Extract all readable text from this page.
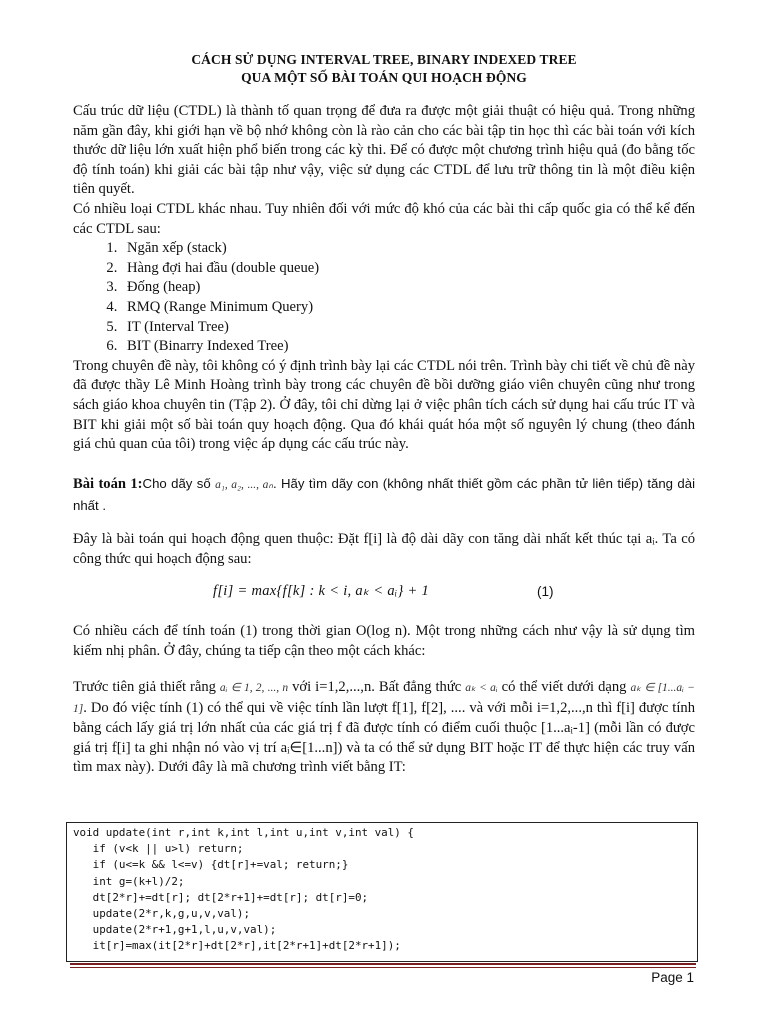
CÁCH SỬ DỤNG INTERVAL TREE, BINARY INDEXED TREE
QUA MỘT SỐ BÀI TOÁN QUI HOẠCH ĐỘNG

Cấu trúc dữ liệu (CTDL) là thành tố quan trọng để đưa ra được một giải thuật có hiệu quả. Trong những năm gần đây, khi giới hạn về bộ nhớ không còn là rào cản cho các bài tập tin học thì các bài toán với kích thước dữ liệu lớn xuất hiện phổ biến trong các kỳ thi. Để có được một chương trình hiệu quả (đo bằng tốc độ tính toán) khi giải các bài tập như vậy, việc sử dụng các CTDL để lưu trữ thông tin là một điều kiện tiên quyết.

Có nhiều loại CTDL khác nhau. Tuy nhiên đối với mức độ khó của các bài thi cấp quốc gia có thể kể đến các CTDL sau:

1. Ngăn xếp (stack)
2. Hàng đợi hai đầu (double queue)
3. Đống (heap)
4. RMQ (Range Minimum Query)
5. IT (Interval Tree)
6. BIT (Binarry Indexed Tree)

Trong chuyên đề này, tôi không có ý định trình bày lại các CTDL nói trên. Trình bày chi tiết về chủ đề này đã được thầy Lê Minh Hoàng trình bày trong các chuyên đề bồi dưỡng giáo viên chuyên cũng như trong sách giáo khoa chuyên tin (Tập 2). Ở đây, tôi chỉ dừng lại ở việc phân tích cách sử dụng hai cấu trúc IT và BIT khi giải một số bài toán quy hoạch động. Qua đó khái quát hóa một số nguyên lý chung (theo đánh giá chủ quan của tôi) trong việc áp dụng các cấu trúc này.

Bài toán 1:Cho dãy số a₁, a₂, ..., aₙ. Hãy tìm dãy con (không nhất thiết gồm các phần tử liên tiếp) tăng dài nhất .

Đây là bài toán qui hoạch động quen thuộc: Đặt f[i] là độ dài dãy con tăng dài nhất kết thúc tại aᵢ. Ta có công thức qui hoạch động sau:

f[i] = max{f[k] : k < i, aₖ < aᵢ} + 1	(1)
Có nhiều cách để tính toán (1) trong thời gian O(log n). Một trong những cách như vậy là sử dụng tìm kiếm nhị phân. Ở đây, chúng ta tiếp cận theo một cách khác:

Trước tiên giả thiết rằng aᵢ ∈ 1, 2, ..., n với i=1,2,...,n. Bất đẳng thức aₖ < aᵢ có thể viết dưới dạng aₖ ∈ [1...aᵢ − 1]. Do đó việc tính (1) có thể qui về việc tính lần lượt f[1], f[2], .... và với mỗi i=1,2,...,n thì f[i] được tính bằng cách lấy giá trị lớn nhất của các giá trị f đã được tính có điểm cuối thuộc [1...aᵢ-1] (mỗi lần có được giá trị f[i] ta ghi nhận nó vào vị trí aᵢ∈[1...n]) và ta có thể sử dụng BIT hoặc IT để thực hiện các truy vấn tìm max này). Dưới đây là mã chương trình viết bằng IT:

void update(int r,int k,int l,int u,int v,int val) {
if (v<k || u>l) return;
if (u<=k && l<=v) {dt[r]+=val; return;}
int g=(k+l)/2;
dt[2*r]+=dt[r]; dt[2*r+1]+=dt[r]; dt[r]=0;
update(2*r,k,g,u,v,val);
update(2*r+1,g+1,l,u,v,val);
it[r]=max(it[2*r]+dt[2*r],it[2*r+1]+dt[2*r+1]);
Page 1
